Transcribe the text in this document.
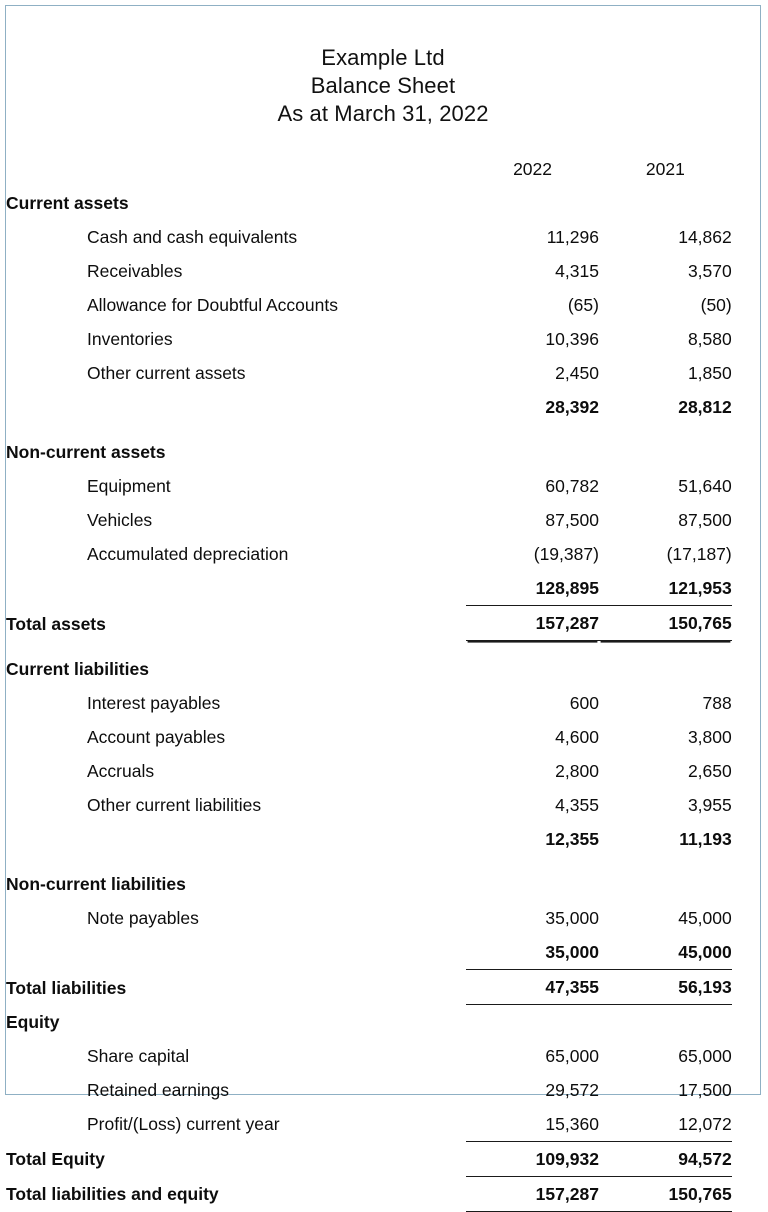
Example Ltd
Balance Sheet
As at March 31, 2022
	2022	2021	
Current assets			
Cash and cash equivalents	11,296	14,862	
Receivables	4,315	3,570	
Allowance for Doubtful Accounts	(65)	(50)	
Inventories	10,396	8,580	
Other current assets	2,450	1,850	
	28,392	28,812	

Non-current assets			
Equipment	60,782	51,640	
Vehicles	87,500	87,500	
Accumulated depreciation	(19,387)	(17,187)	
	128,895	121,953	
Total assets	157,287	150,765	

Current liabilities			
Interest payables	600	788	
Account payables	4,600	3,800	
Accruals	2,800	2,650	
Other current liabilities	4,355	3,955	
	12,355	11,193	

Non-current liabilities			
Note payables	35,000	45,000	
	35,000	45,000	
Total liabilities	47,355	56,193	
Equity			
Share capital	65,000	65,000	
Retained earnings	29,572	17,500	
Profit/(Loss) current year	15,360	12,072	
Total Equity	109,932	94,572	
Total liabilities and equity	157,287	150,765	
